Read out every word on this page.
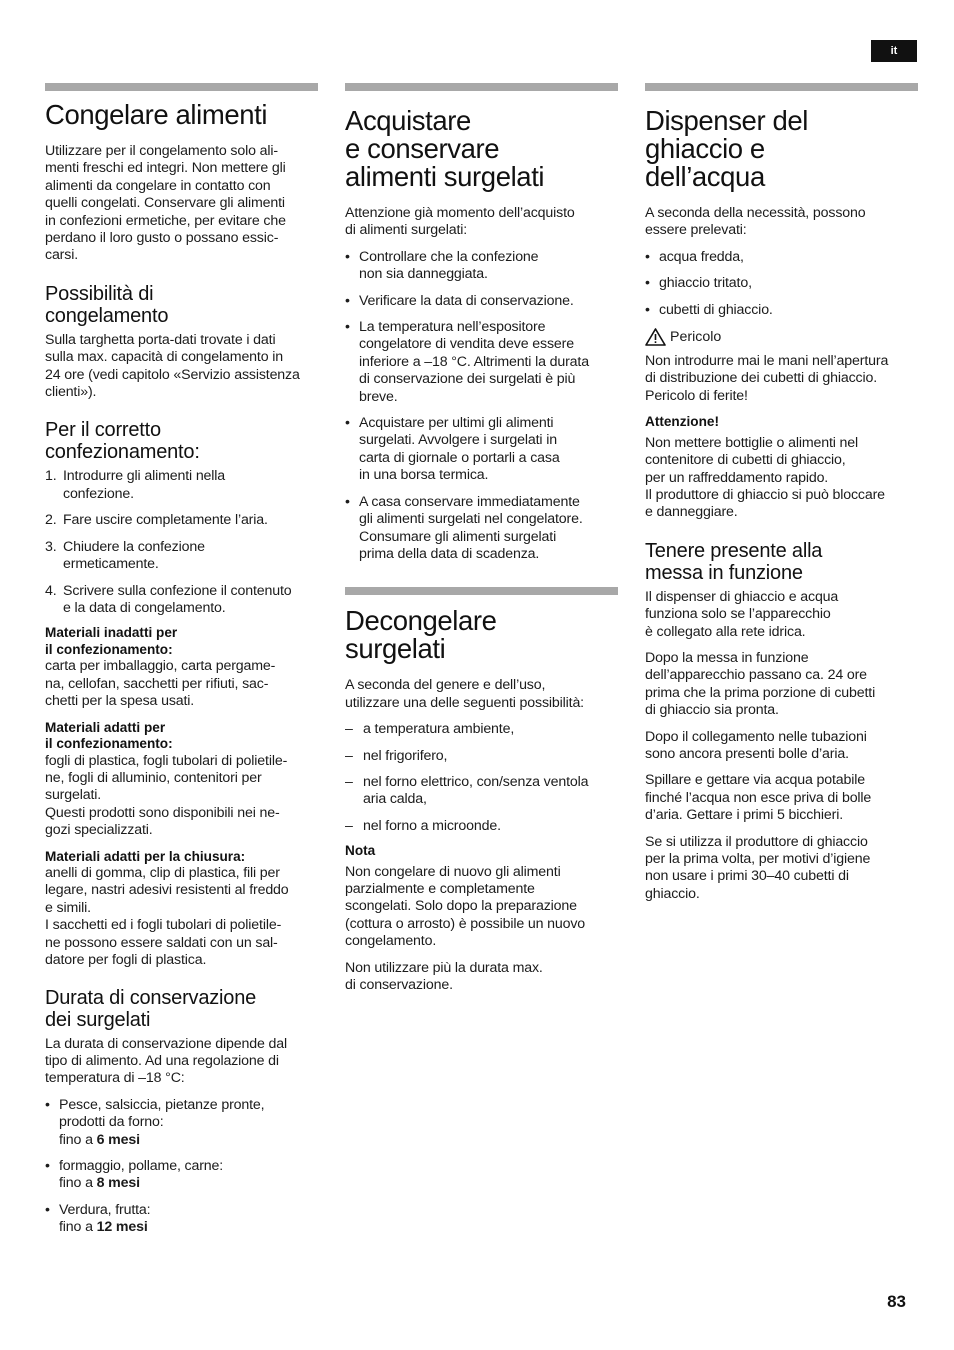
it
Congelare alimenti

Utilizzare per il congelamento solo ali-
menti freschi ed integri. Non mettere gli
alimenti da congelare in contatto con
quelli congelati. Conservare gli alimenti
in confezioni ermetiche, per evitare che
perdano il loro gusto o possano essic-
carsi.

Possibilità di
congelamento

Sulla targhetta porta-dati trovate i dati
sulla max. capacità di congelamento in
24 ore (vedi capitolo «Servizio assistenza
clienti»).

Per il corretto
confezionamento:
1. Introdurre gli alimenti nella
confezione.
2. Fare uscire completamente l’aria.
3. Chiudere la confezione
ermeticamente.
4. Scrivere sulla confezione il contenuto
e la data di congelamento.
Materiali inadatti per
il confezionamento:

carta per imballaggio, carta pergame-
na, cellofan, sacchetti per rifiuti, sac-
chetti per la spesa usati.

Materiali adatti per
il confezionamento:

fogli di plastica, fogli tubolari di polietile-
ne, fogli di alluminio, contenitori per
surgelati.
Questi prodotti sono disponibili nei ne-
gozi specializzati.

Materiali adatti per la chiusura:

anelli di gomma, clip di plastica, fili per
legare, nastri adesivi resistenti al freddo
e simili.
I sacchetti ed i fogli tubolari di polietile-
ne possono essere saldati con un sal-
datore per fogli di plastica.

Durata di conservazione
dei surgelati

La durata di conservazione dipende dal
tipo di alimento. Ad una regolazione di
temperatura di –18 °C:

• Pesce, salsiccia, pietanze pronte,
prodotti da forno:
fino a 6 mesi
• formaggio, pollame, carne:
fino a 8 mesi
• Verdura, frutta:
fino a 12 mesi
Acquistare
e conservare
alimenti surgelati

Attenzione già momento dell’acquisto
di alimenti surgelati:

• Controllare che la confezione
non sia danneggiata.
• Verificare la data di conservazione.
• La temperatura nell’espositore
congelatore di vendita deve essere
inferiore a –18 °C. Altrimenti la durata
di conservazione dei surgelati è più
breve.
• Acquistare per ultimi gli alimenti
surgelati. Avvolgere i surgelati in
carta di giornale o portarli a casa
in una borsa termica.
• A casa conservare immediatamente
gli alimenti surgelati nel congelatore.
Consumare gli alimenti surgelati
prima della data di scadenza.
Decongelare
surgelati

A seconda del genere e dell’uso,
utilizzare una delle seguenti possibilità:

– a temperatura ambiente,
– nel frigorifero,
– nel forno elettrico, con/senza ventola
aria calda,
– nel forno a microonde.
Nota

Non congelare di nuovo gli alimenti
parzialmente e completamente
scongelati. Solo dopo la preparazione
(cottura o arrosto) è possibile un nuovo
congelamento.

Non utilizzare più la durata max.
di conservazione.

Dispenser del
ghiaccio e
dell’acqua

A seconda della necessità, possono
essere prelevati:

• acqua fredda,
• ghiaccio tritato,
• cubetti di ghiaccio.
Pericolo

Non introdurre mai le mani nell’apertura
di distribuzione dei cubetti di ghiaccio.
Pericolo di ferite!

Attenzione!

Non mettere bottiglie o alimenti nel
contenitore di cubetti di ghiaccio,
per un raffreddamento rapido.
Il produttore di ghiaccio si può bloccare
e danneggiare.

Tenere presente alla
messa in funzione

Il dispenser di ghiaccio e acqua
funziona solo se l’apparecchio
è collegato alla rete idrica.

Dopo la messa in funzione
dell’apparecchio passano ca. 24 ore
prima che la prima porzione di cubetti
di ghiaccio sia pronta.

Dopo il collegamento nelle tubazioni
sono ancora presenti bolle d’aria.

Spillare e gettare via acqua potabile
finché l’acqua non esce priva di bolle
d’aria. Gettare i primi 5 bicchieri.

Se si utilizza il produttore di ghiaccio
per la prima volta, per motivi d’igiene
non usare i primi 30–40 cubetti di
ghiaccio.

83
